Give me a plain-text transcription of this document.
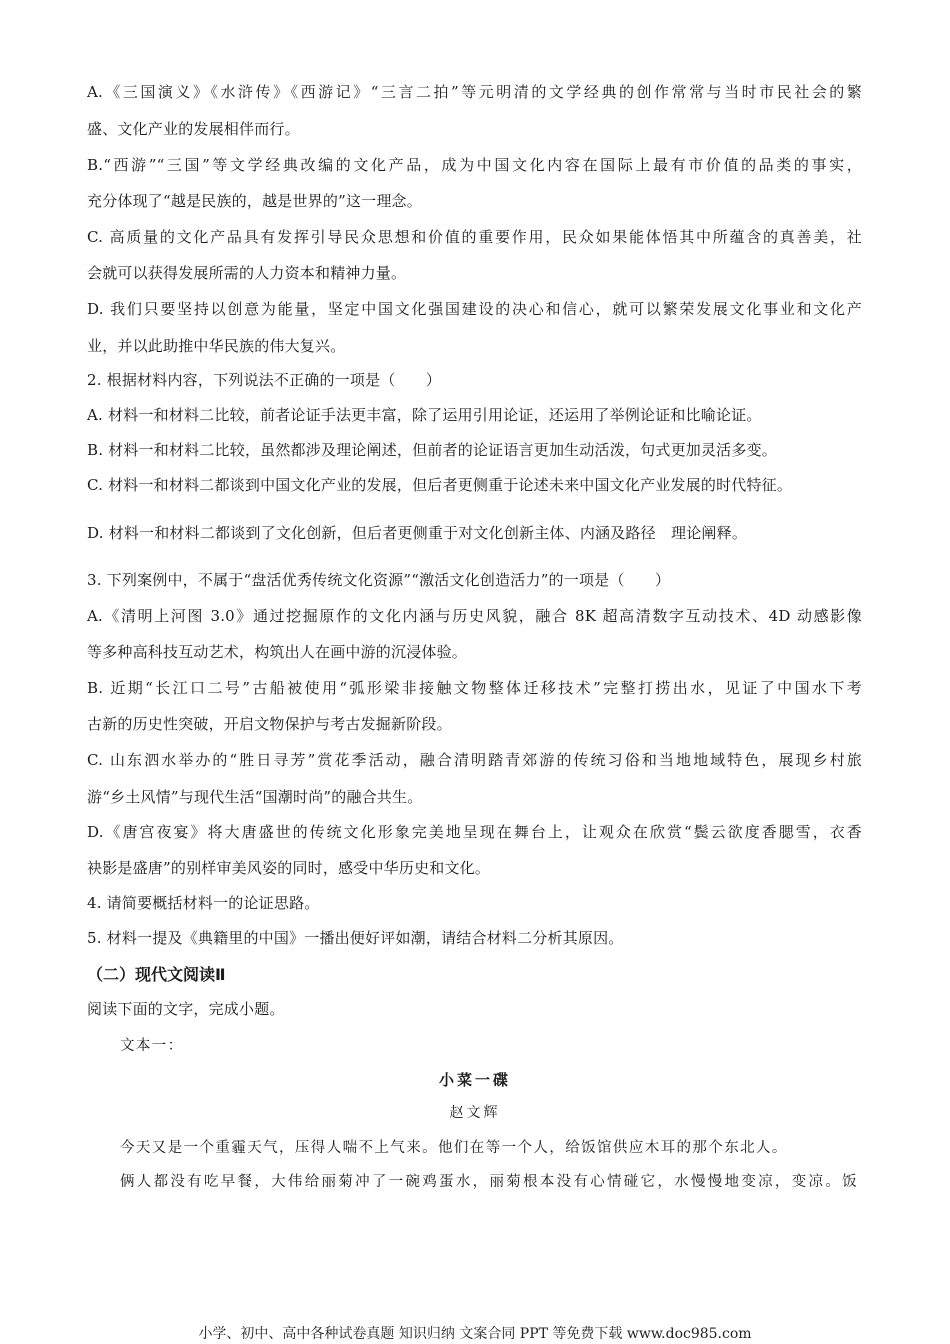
A.《三国演义》《水浒传》《西游记》“三言二拍”等元明清的文学经典的创作常常与当时市民社会的繁
盛、文化产业的发展相伴而行。
B.“西游”“三国”等文学经典改编的文化产品，成为中国文化内容在国际上最有市价值的品类的事实，
充分体现了“越是民族的，越是世界的”这一理念。
C. 高质量的文化产品具有发挥引导民众思想和价值的重要作用，民众如果能体悟其中所蕴含的真善美，社
会就可以获得发展所需的人力资本和精神力量。
D. 我们只要坚持以创意为能量，坚定中国文化强国建设的决心和信心，就可以繁荣发展文化事业和文化产
业，并以此助推中华民族的伟大复兴。
2. 根据材料内容，下列说法不正确的一项是（　　）
A. 材料一和材料二比较，前者论证手法更丰富，除了运用引用论证，还运用了举例论证和比喻论证。
B. 材料一和材料二比较，虽然都涉及理论阐述，但前者的论证语言更加生动活泼，句式更加灵活多变。
C. 材料一和材料二都谈到中国文化产业的发展，但后者更侧重于论述未来中国文化产业发展的时代特征。
D. 材料一和材料二都谈到了文化创新，但后者更侧重于对文化创新主体、内涵及路径　理论阐释。
3. 下列案例中，不属于“盘活优秀传统文化资源”“激活文化创造活力”的一项是（　　）
A.《清明上河图 3.0》通过挖掘原作的文化内涵与历史风貌，融合 8K 超高清数字互动技术、4D 动感影像
等多种高科技互动艺术，构筑出人在画中游的沉浸体验。
B. 近期“长江口二号”古船被使用“弧形梁非接触文物整体迁移技术”完整打捞出水，见证了中国水下考
古新的历史性突破，开启文物保护与考古发掘新阶段。
C. 山东泗水举办的“胜日寻芳”赏花季活动，融合清明踏青郊游的传统习俗和当地地域特色，展现乡村旅
游“乡土风情”与现代生活“国潮时尚”的融合共生。
D.《唐宫夜宴》将大唐盛世的传统文化形象完美地呈现在舞台上，让观众在欣赏“鬓云欲度香腮雪，衣香
袂影是盛唐”的别样审美风姿的同时，感受中华历史和文化。
4. 请简要概括材料一的论证思路。
5. 材料一提及《典籍里的中国》一播出便好评如潮，请结合材料二分析其原因。
（二）现代文阅读Ⅱ
阅读下面的文字，完成小题。
文本一：
小菜一碟
赵文辉
今天又是一个重霾天气，压得人喘不上气来。他们在等一个人，给饭馆供应木耳的那个东北人。
俩人都没有吃早餐，大伟给丽菊冲了一碗鸡蛋水，丽菊根本没有心情碰它，水慢慢地变凉，变凉。饭
小学、初中、高中各种试卷真题 知识归纳 文案合同 PPT 等免费下载 www.doc985.com
